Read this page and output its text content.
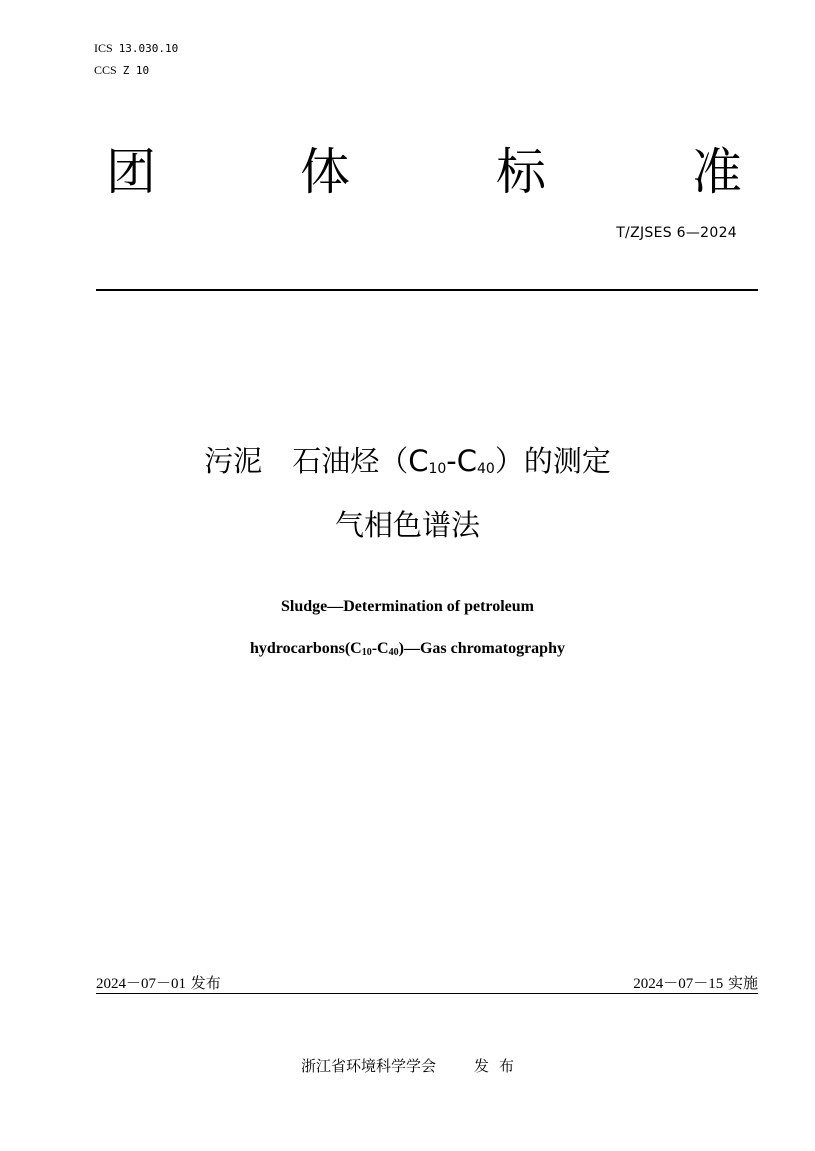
ICS 13.030.10
CCS Z 10
团	体	标	准
T/ZJSES 6—2024
污泥 石油烃$(C_{10}-C_{40})$的测定
气相色谱法
Sludge—Determination of petroleum
$hydrocarbons(C_{10}-C_{40})—Gas$ chromatography
2024－07－01 发布	2024－07－15 实施
浙江省环境科学学会	发 布
